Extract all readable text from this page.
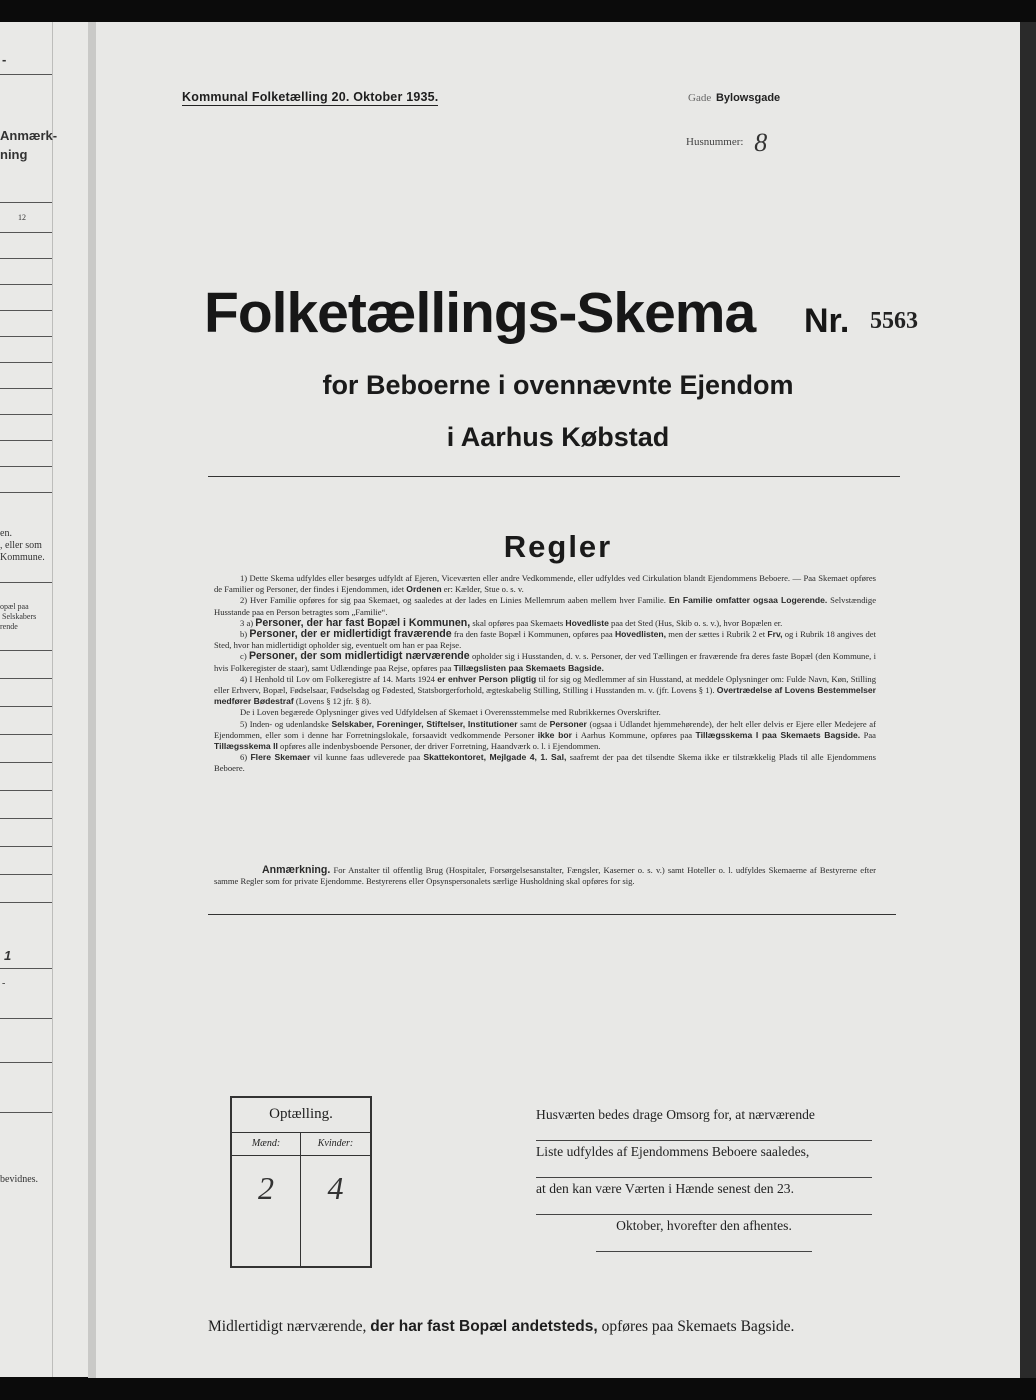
-
Anmærk-
ning
12
en.
, eller som
Kommune.
opæl paa
Selskabers
rende
1
-
bevidnes.
Kommunal Folketælling 20. Oktober 1935.	Gade Bylowsgade
Husnummer: 8
Folketællings-Skema Nr. 5563
for Beboerne i ovennævnte Ejendom
i Aarhus Købstad
Regler

1) Dette Skema udfyldes eller besørges udfyldt af Ejeren, Viceværten eller andre Vedkommende, eller udfyldes ved Cirkulation blandt Ejendommens Beboere. — Paa Skemaet opføres de Familier og Personer, der findes i Ejendommen, idet Ordenen er: Kælder, Stue o. s. v.

2) Hver Familie opføres for sig paa Skemaet, og saaledes at der lades en Linies Mellemrum aaben mellem hver Familie. En Familie omfatter ogsaa Logerende. Selvstændige Husstande paa en Person betragtes som „Familie“.

3 a) Personer, der har fast Bopæl i Kommunen, skal opføres paa Skemaets Hovedliste paa det Sted (Hus, Skib o. s. v.), hvor Bopælen er.

b) Personer, der er midlertidigt fraværende fra den faste Bopæl i Kommunen, opføres paa Hovedlisten, men der sættes i Rubrik 2 et Frv, og i Rubrik 18 angives det Sted, hvor han midlertidigt opholder sig, eventuelt om han er paa Rejse.

c) Personer, der som midlertidigt nærværende opholder sig i Husstanden, d. v. s. Personer, der ved Tællingen er fraværende fra deres faste Bopæl (den Kommune, i hvis Folkeregister de staar), samt Udlændinge paa Rejse, opføres paa Tillægslisten paa Skemaets Bagside.

4) I Henhold til Lov om Folkeregistre af 14. Marts 1924 er enhver Person pligtig til for sig og Medlemmer af sin Husstand, at meddele Oplysninger om: Fulde Navn, Køn, Stilling eller Erhverv, Bopæl, Fødselsaar, Fødselsdag og Fødested, Statsborgerforhold, ægteskabelig Stilling, Stilling i Husstanden m. v. (jfr. Lovens § 1). Overtrædelse af Lovens Bestemmelser medfører Bødestraf (Lovens § 12 jfr. § 8).

De i Loven begærede Oplysninger gives ved Udfyldelsen af Skemaet i Overensstemmelse med Rubrikkernes Overskrifter.

5) Inden- og udenlandske Selskaber, Foreninger, Stiftelser, Institutioner samt de Personer (ogsaa i Udlandet hjemmehørende), der helt eller delvis er Ejere eller Medejere af Ejendommen, eller som i denne har Forretningslokale, forsaavidt vedkommende Personer ikke bor i Aarhus Kommune, opføres paa Tillægsskema I paa Skemaets Bagside. Paa Tillægsskema II opføres alle indenbysboende Personer, der driver Forretning, Haandværk o. l. i Ejendommen.

6) Flere Skemaer vil kunne faas udleverede paa Skattekontoret, Mejlgade 4, 1. Sal, saafremt der paa det tilsendte Skema ikke er tilstrækkelig Plads til alle Ejendommens Beboere.

Anmærkning. For Anstalter til offentlig Brug (Hospitaler, Forsørgelsesanstalter, Fængsler, Kaserner o. s. v.) samt Hoteller o. l. udfyldes Skemaerne af Bestyrerne efter samme Regler som for private Ejendomme. Bestyrerens eller Opsynspersonalets særlige Husholdning skal opføres for sig.
Optælling.
Mænd:
2
Kvinder:
4
Husværten bedes drage Omsorg for, at nærværende
Liste udfyldes af Ejendommens Beboere saaledes,
at den kan være Værten i Hænde senest den 23.
Oktober, hvorefter den afhentes.
Midlertidigt nærværende, der har fast Bopæl andetsteds, opføres paa Skemaets Bagside.
